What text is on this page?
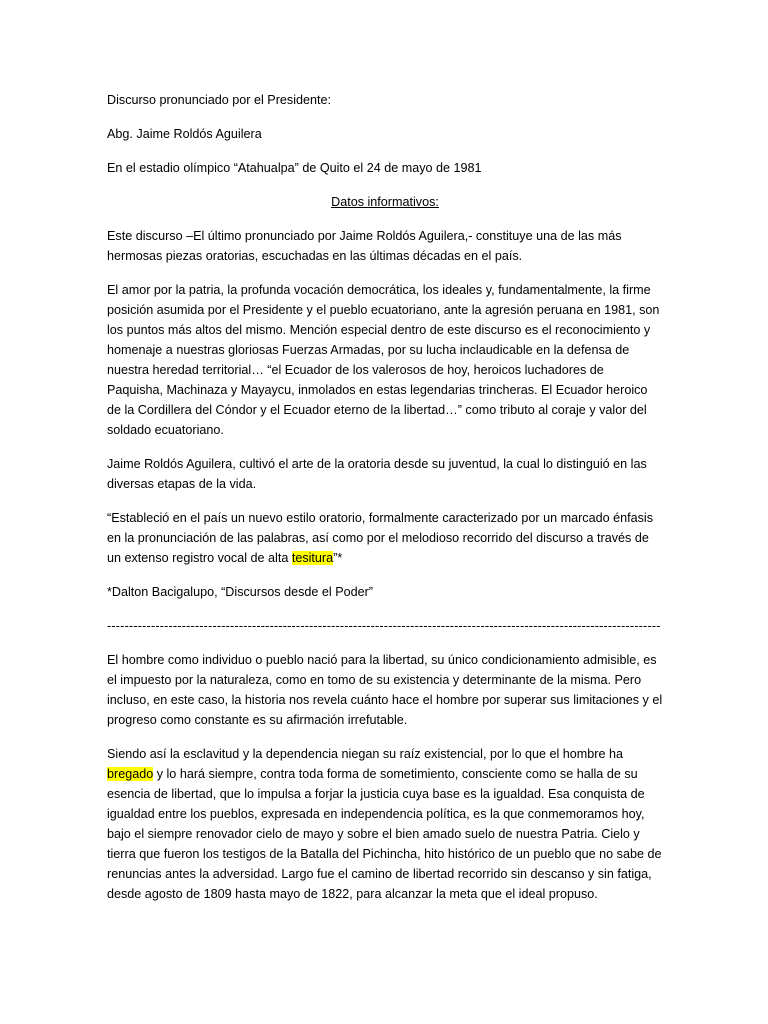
Discurso pronunciado por el Presidente:

Abg. Jaime Roldós Aguilera

En el estadio olímpico “Atahualpa” de Quito el 24 de mayo de 1981

Datos informativos:

Este discurso –El último pronunciado por Jaime Roldós Aguilera,- constituye una de las más hermosas piezas oratorias, escuchadas en las últimas décadas en el país.

El amor por la patria, la profunda vocación democrática, los ideales y, fundamentalmente, la firme posición asumida por el Presidente y el pueblo ecuatoriano, ante la agresión peruana en 1981, son los puntos más altos del mismo. Mención especial dentro de este discurso es el reconocimiento y homenaje a nuestras gloriosas Fuerzas Armadas, por su lucha inclaudicable en la defensa de nuestra heredad territorial… “el Ecuador de los valerosos de hoy, heroicos luchadores de Paquisha, Machinaza y Mayaycu, inmolados en estas legendarias trincheras. El Ecuador heroico de la Cordillera del Cóndor y el Ecuador eterno de la libertad…” como tributo al coraje y valor del soldado ecuatoriano.

Jaime Roldós Aguilera, cultivó el arte de la oratoria desde su juventud, la cual lo distinguió en las diversas etapas de la vida.

“Estableció en el país un nuevo estilo oratorio, formalmente caracterizado por un marcado énfasis en la pronunciación de las palabras, así como por el melodioso recorrido del discurso a través de un extenso registro vocal de alta tesitura”*

*Dalton Bacigalupo, “Discursos desde el Poder”

------------------------------------------------------------------------------------------------------------------------------

El hombre como individuo o pueblo nació para la libertad, su único condicionamiento admisible, es el impuesto por la naturaleza, como en tomo de su existencia y determinante de la misma. Pero incluso, en este caso, la historia nos revela cuánto hace el hombre por superar sus limitaciones y el progreso como constante es su afirmación irrefutable.

Siendo así la esclavitud y la dependencia niegan su raíz existencial, por lo que el hombre ha bregado y lo hará siempre, contra toda forma de sometimiento, consciente como se halla de su esencia de libertad, que lo impulsa a forjar la justicia cuya base es la igualdad. Esa conquista de igualdad entre los pueblos, expresada en independencia política, es la que conmemoramos hoy, bajo el siempre renovador cielo de mayo y sobre el bien amado suelo de nuestra Patria. Cielo y tierra que fueron los testigos de la Batalla del Pichincha, hito histórico de un pueblo que no sabe de renuncias antes la adversidad. Largo fue el camino de libertad recorrido sin descanso y sin fatiga, desde agosto de 1809 hasta mayo de 1822, para alcanzar la meta que el ideal propuso.
